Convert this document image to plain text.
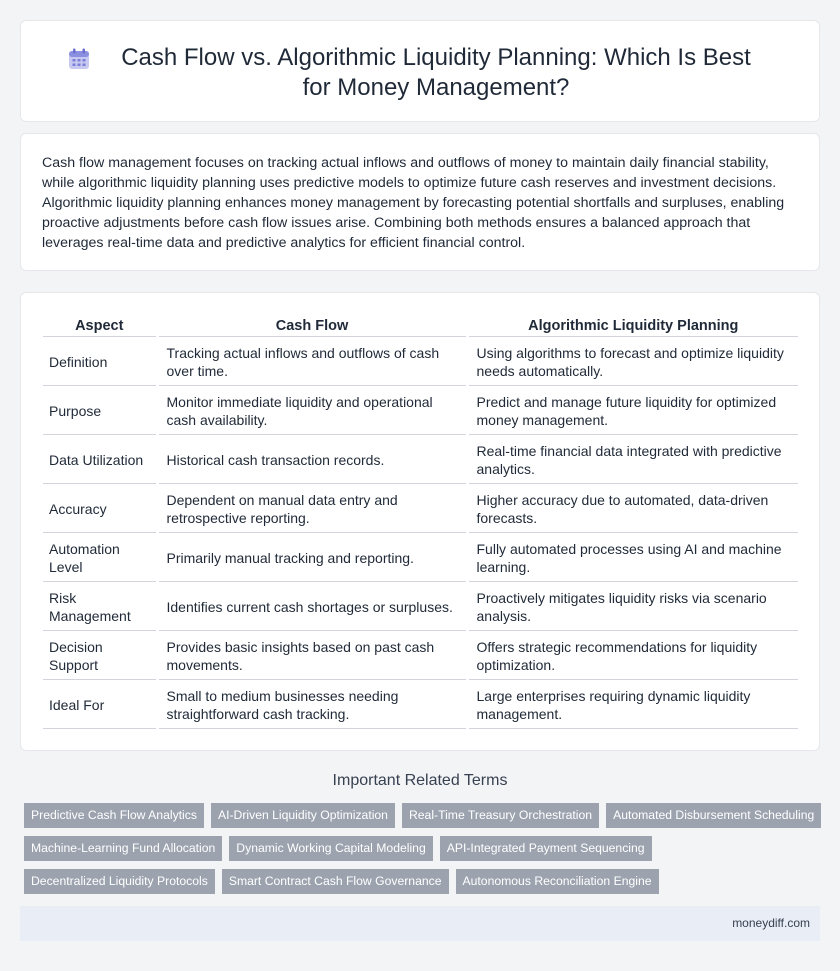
Cash Flow vs. Algorithmic Liquidity Planning: Which Is Best for Money Management?

Cash flow management focuses on tracking actual inflows and outflows of money to maintain daily financial stability, while algorithmic liquidity planning uses predictive models to optimize future cash reserves and investment decisions. Algorithmic liquidity planning enhances money management by forecasting potential shortfalls and surpluses, enabling proactive adjustments before cash flow issues arise. Combining both methods ensures a balanced approach that leverages real-time data and predictive analytics for efficient financial control.

Aspect	Cash Flow	Algorithmic Liquidity Planning
Definition	Tracking actual inflows and outflows of cash over time.	Using algorithms to forecast and optimize liquidity needs automatically.
Purpose	Monitor immediate liquidity and operational cash availability.	Predict and manage future liquidity for optimized money management.
Data Utilization	Historical cash transaction records.	Real-time financial data integrated with predictive analytics.
Accuracy	Dependent on manual data entry and retrospective reporting.	Higher accuracy due to automated, data-driven forecasts.
Automation Level	Primarily manual tracking and reporting.	Fully automated processes using AI and machine learning.
Risk Management	Identifies current cash shortages or surpluses.	Proactively mitigates liquidity risks via scenario analysis.
Decision Support	Provides basic insights based on past cash movements.	Offers strategic recommendations for liquidity optimization.
Ideal For	Small to medium businesses needing straightforward cash tracking.	Large enterprises requiring dynamic liquidity management.
Important Related Terms
Predictive Cash Flow Analytics	AI-Driven Liquidity Optimization	Real-Time Treasury Orchestration	Automated Disbursement Scheduling
Machine-Learning Fund Allocation	Dynamic Working Capital Modeling	API-Integrated Payment Sequencing
Decentralized Liquidity Protocols	Smart Contract Cash Flow Governance	Autonomous Reconciliation Engine
moneydiff.com
